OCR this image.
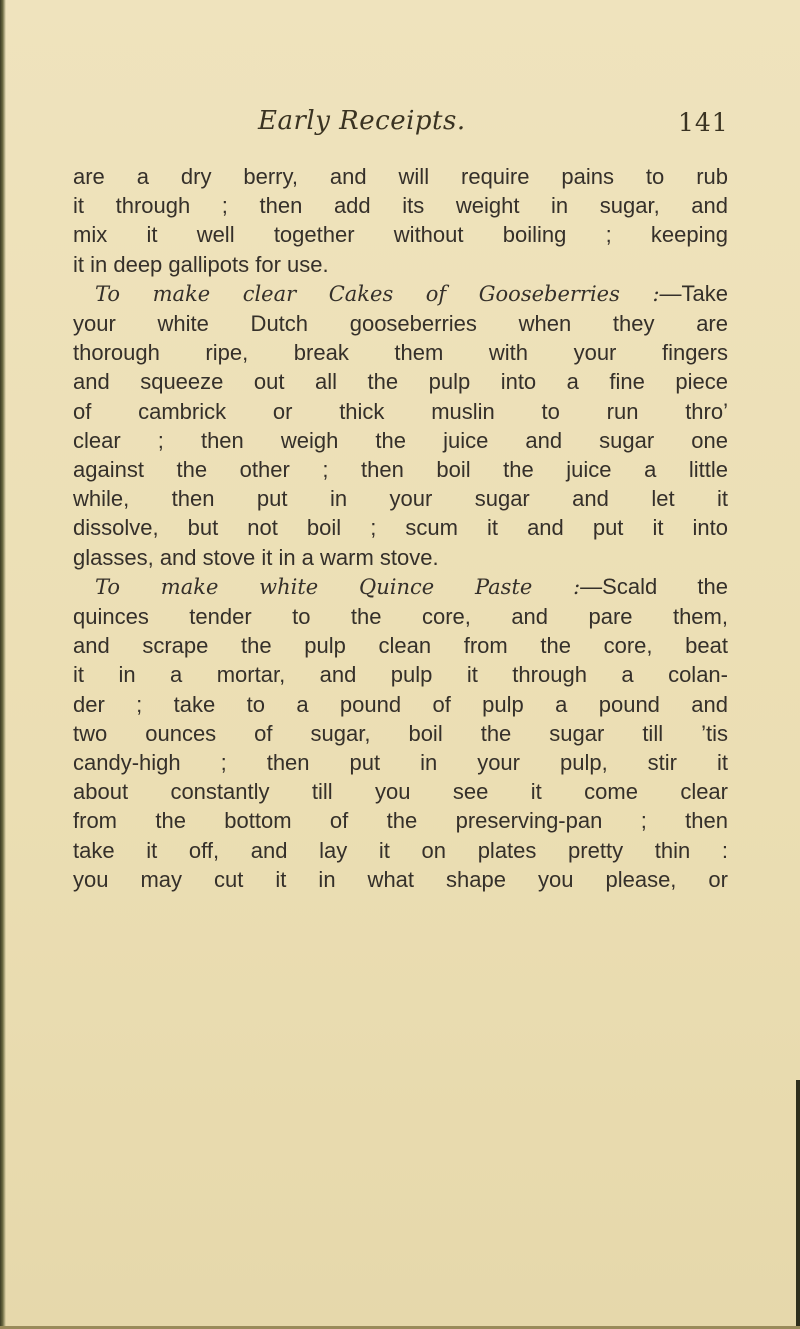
Early Receipts.	141
are a dry berry, and will require pains to rub
it through ; then add its weight in sugar, and
mix it well together without boiling ; keeping
it in deep gallipots for use.
To make clear Cakes of Gooseberries :—Take
your white Dutch gooseberries when they are
thorough ripe, break them with your fingers
and squeeze out all the pulp into a fine piece
of cambrick or thick muslin to run thro’
clear ; then weigh the juice and sugar one
against the other ; then boil the juice a little
while, then put in your sugar and let it
dissolve, but not boil ; scum it and put it into
glasses, and stove it in a warm stove.
To make white Quince Paste :—Scald the
quinces tender to the core, and pare them,
and scrape the pulp clean from the core, beat
it in a mortar, and pulp it through a colan-
der ; take to a pound of pulp a pound and
two ounces of sugar, boil the sugar till ’tis
candy-high ; then put in your pulp, stir it
about constantly till you see it come clear
from the bottom of the preserving-pan ; then
take it off, and lay it on plates pretty thin :
you may cut it in what shape you please, or
